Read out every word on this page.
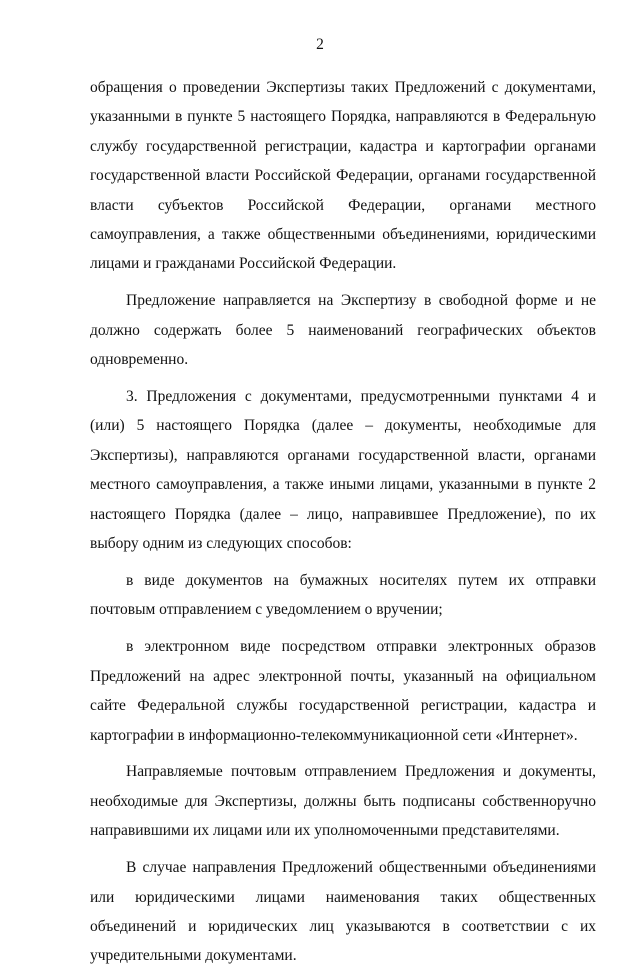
2

обращения о проведении Экспертизы таких Предложений с документами, указанными в пункте 5 настоящего Порядка, направляются в Федеральную службу государственной регистрации, кадастра и картографии органами государственной власти Российской Федерации, органами государственной власти субъектов Российской Федерации, органами местного самоуправления, а также общественными объединениями, юридическими лицами и гражданами Российской Федерации.

Предложение направляется на Экспертизу в свободной форме и не должно содержать более 5 наименований географических объектов одновременно.

3. Предложения с документами, предусмотренными пунктами 4 и (или) 5 настоящего Порядка (далее – документы, необходимые для Экспертизы), направляются органами государственной власти, органами местного самоуправления, а также иными лицами, указанными в пункте 2 настоящего Порядка (далее – лицо, направившее Предложение), по их выбору одним из следующих способов:

в виде документов на бумажных носителях путем их отправки почтовым отправлением с уведомлением о вручении;

в электронном виде посредством отправки электронных образов Предложений на адрес электронной почты, указанный на официальном сайте Федеральной службы государственной регистрации, кадастра и картографии в информационно-телекоммуникационной сети «Интернет».

Направляемые почтовым отправлением Предложения и документы, необходимые для Экспертизы, должны быть подписаны собственноручно направившими их лицами или их уполномоченными представителями.

В случае направления Предложений общественными объединениями или юридическими лицами наименования таких общественных объединений и юридических лиц указываются в соответствии с их учредительными документами.
